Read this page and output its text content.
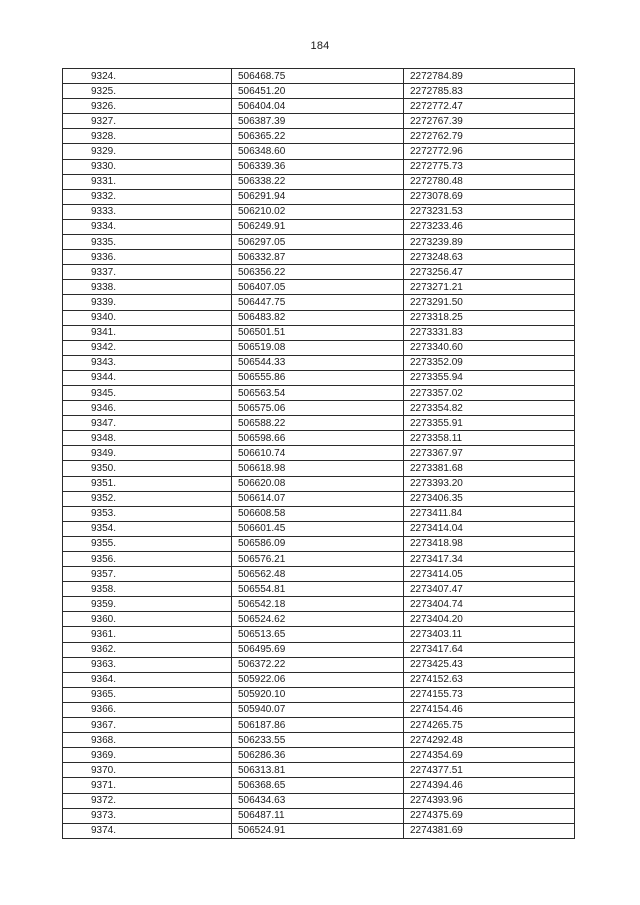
184
9324.	506468.75	2272784.89
9325.	506451.20	2272785.83
9326.	506404.04	2272772.47
9327.	506387.39	2272767.39
9328.	506365.22	2272762.79
9329.	506348.60	2272772.96
9330.	506339.36	2272775.73
9331.	506338.22	2272780.48
9332.	506291.94	2273078.69
9333.	506210.02	2273231.53
9334.	506249.91	2273233.46
9335.	506297.05	2273239.89
9336.	506332.87	2273248.63
9337.	506356.22	2273256.47
9338.	506407.05	2273271.21
9339.	506447.75	2273291.50
9340.	506483.82	2273318.25
9341.	506501.51	2273331.83
9342.	506519.08	2273340.60
9343.	506544.33	2273352.09
9344.	506555.86	2273355.94
9345.	506563.54	2273357.02
9346.	506575.06	2273354.82
9347.	506588.22	2273355.91
9348.	506598.66	2273358.11
9349.	506610.74	2273367.97
9350.	506618.98	2273381.68
9351.	506620.08	2273393.20
9352.	506614.07	2273406.35
9353.	506608.58	2273411.84
9354.	506601.45	2273414.04
9355.	506586.09	2273418.98
9356.	506576.21	2273417.34
9357.	506562.48	2273414.05
9358.	506554.81	2273407.47
9359.	506542.18	2273404.74
9360.	506524.62	2273404.20
9361.	506513.65	2273403.11
9362.	506495.69	2273417.64
9363.	506372.22	2273425.43
9364.	505922.06	2274152.63
9365.	505920.10	2274155.73
9366.	505940.07	2274154.46
9367.	506187.86	2274265.75
9368.	506233.55	2274292.48
9369.	506286.36	2274354.69
9370.	506313.81	2274377.51
9371.	506368.65	2274394.46
9372.	506434.63	2274393.96
9373.	506487.11	2274375.69
9374.	506524.91	2274381.69
